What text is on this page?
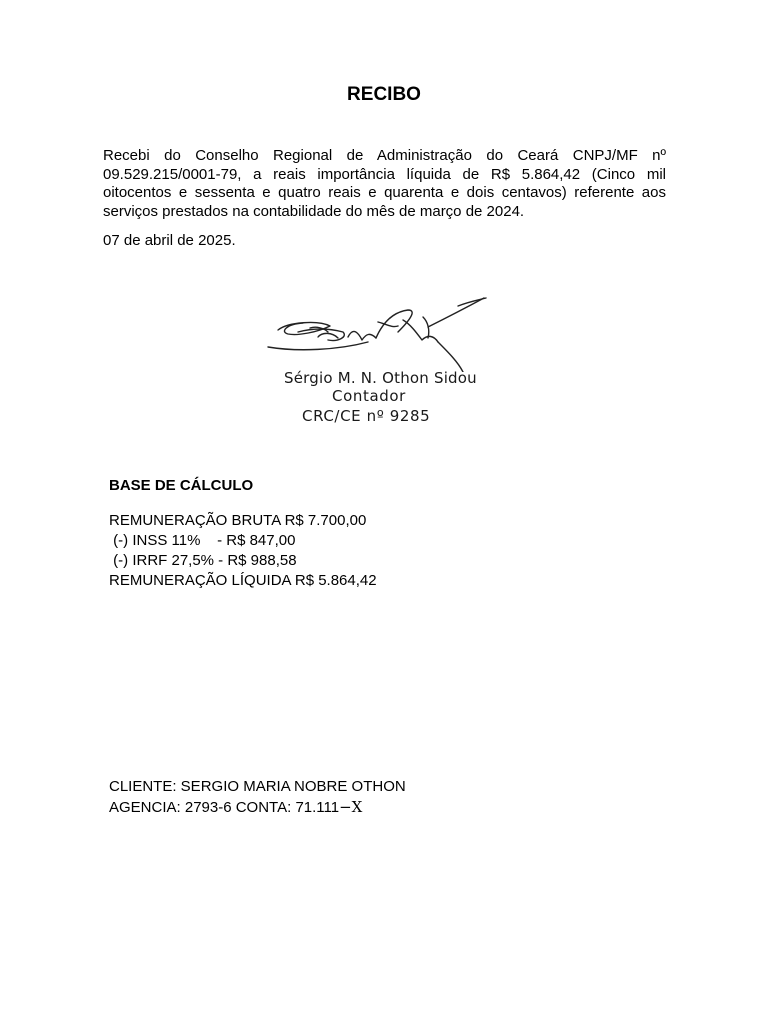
RECIBO

Recebi do Conselho Regional de Administração do Ceará CNPJ/MF nº 09.529.215/0001-79, a reais importância líquida de R$ 5.864,42 (Cinco mil oitocentos e sessenta e quatro reais e quarenta e dois centavos) referente aos serviços prestados na contabilidade do mês de março de 2024.

07 de abril de 2025.

Sérgio M. N. Othon Sidou
Contador
CRC/CE nº 9285
BASE DE CÁLCULO
REMUNERAÇÃO BRUTA R$ 7.700,00
(-) INSS 11%    - R$ 847,00
(-) IRRF 27,5% - R$ 988,58
REMUNERAÇÃO LÍQUIDA R$ 5.864,42
CLIENTE: SERGIO MARIA NOBRE OTHON
AGENCIA: 2793-6 CONTA: 71.111−X
